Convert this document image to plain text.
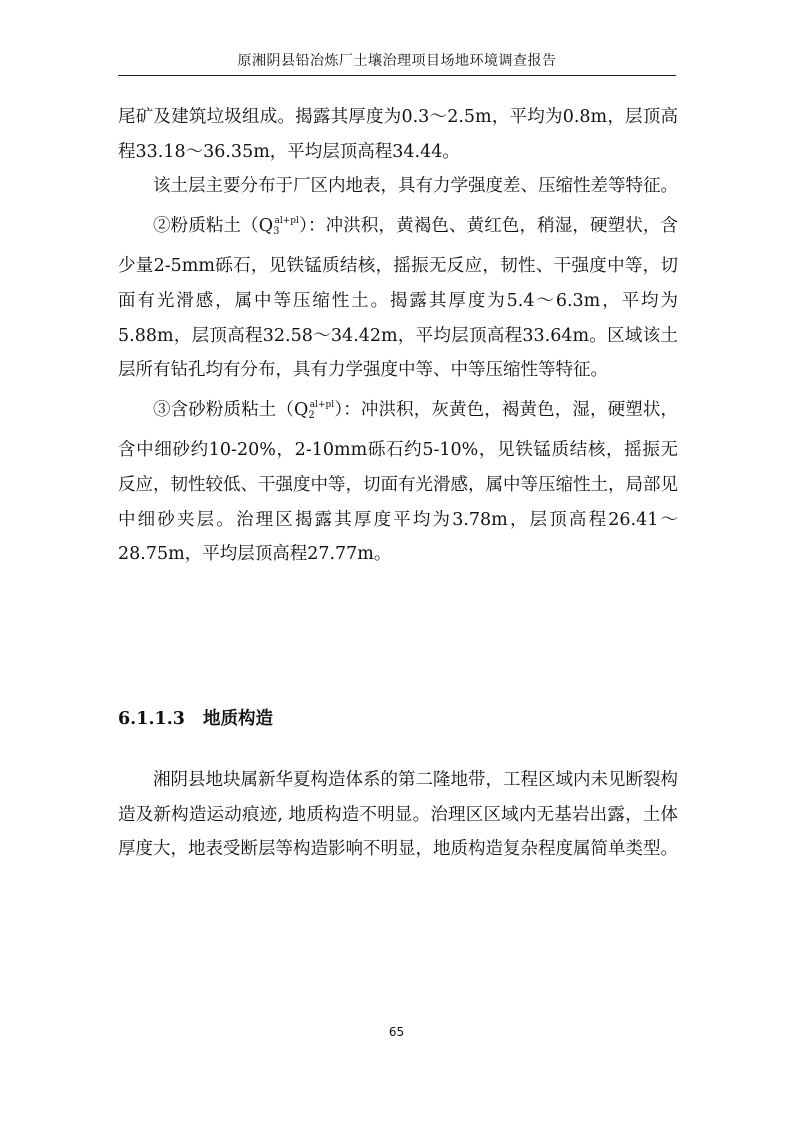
原湘阴县铅冶炼厂土壤治理项目场地环境调查报告

尾矿及建筑垃圾组成。揭露其厚度为0.3～2.5m，平均为0.8m，层顶高程33.18～36.35m，平均层顶高程34.44。

该土层主要分布于厂区内地表，具有力学强度差、压缩性差等特征。

②粉质粘土$(Q_3^{al+pl})$：冲洪积，黄褐色、黄红色，稍湿，硬塑状，含少量2-5mm砾石，见铁锰质结核，摇振无反应，韧性、干强度中等，切面有光滑感，属中等压缩性土。揭露其厚度为5.4～6.3m，平均为5.88m，层顶高程32.58～34.42m，平均层顶高程33.64m。区域该土层所有钻孔均有分布，具有力学强度中等、中等压缩性等特征。

③含砂粉质粘土$(Q_2^{al+pl})$：冲洪积，灰黄色，褐黄色，湿，硬塑状，含中细砂约10-20%，2-10mm砾石约5-10%，见铁锰质结核，摇振无反应，韧性较低、干强度中等，切面有光滑感，属中等压缩性土，局部见中细砂夹层。治理区揭露其厚度平均为3.78m，层顶高程26.41～28.75m，平均层顶高程27.77m。

6.1.1.3 地质构造

湘阴县地块属新华夏构造体系的第二隆地带，工程区域内未见断裂构造及新构造运动痕迹, 地质构造不明显。治理区区域内无基岩出露，土体厚度大，地表受断层等构造影响不明显，地质构造复杂程度属简单类型。

65
